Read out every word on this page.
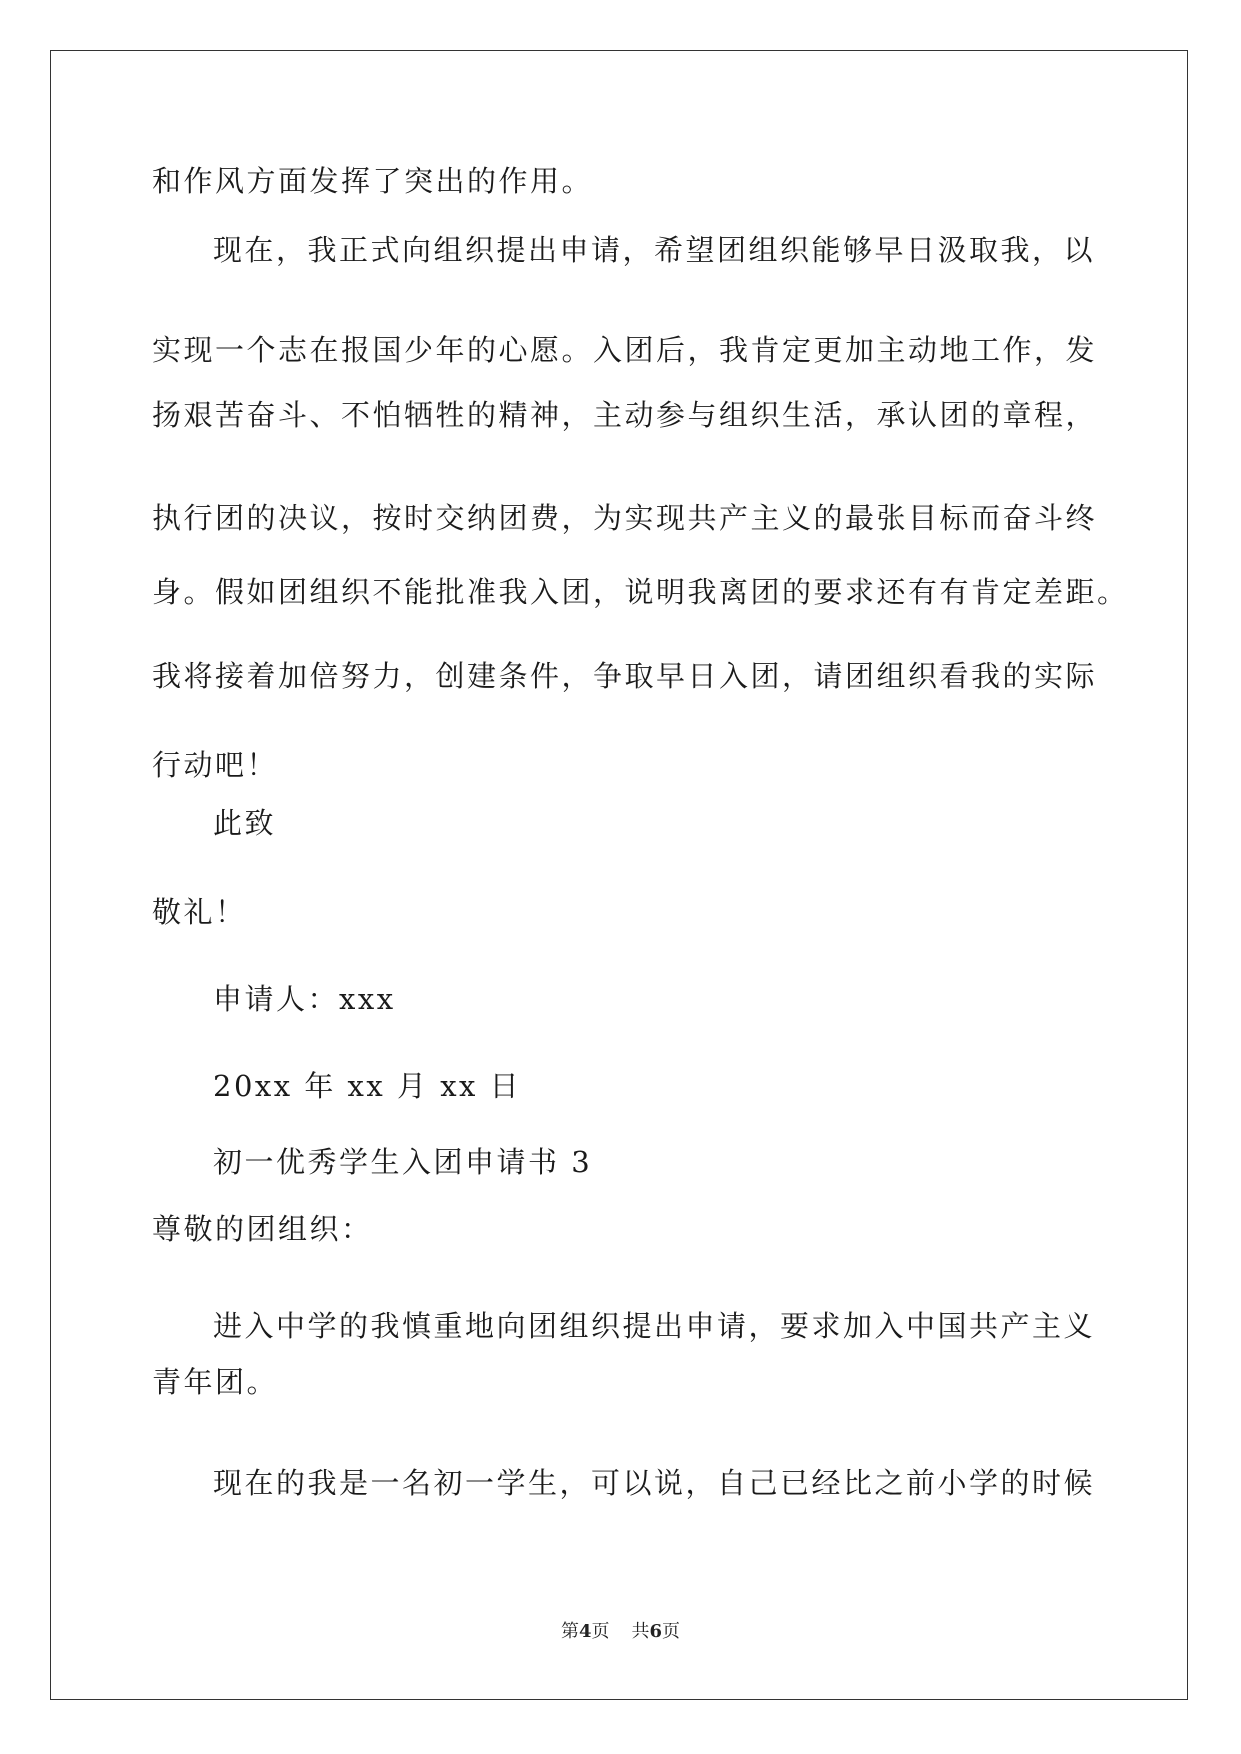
和作风方面发挥了突出的作用。
现在，我正式向组织提出申请，希望团组织能够早日汲取我，以
实现一个志在报国少年的心愿。入团后，我肯定更加主动地工作，发
扬艰苦奋斗、不怕牺牲的精神，主动参与组织生活，承认团的章程，
执行团的决议，按时交纳团费，为实现共产主义的最张目标而奋斗终
身。假如团组织不能批准我入团，说明我离团的要求还有有肯定差距。
我将接着加倍努力，创建条件，争取早日入团，请团组织看我的实际
行动吧！
此致
敬礼！
申请人：xxx
20xx 年 xx 月 xx 日
初一优秀学生入团申请书 3
尊敬的团组织：
进入中学的我慎重地向团组织提出申请，要求加入中国共产主义
青年团。
现在的我是一名初一学生，可以说，自己已经比之前小学的时候
第4页 共6页
